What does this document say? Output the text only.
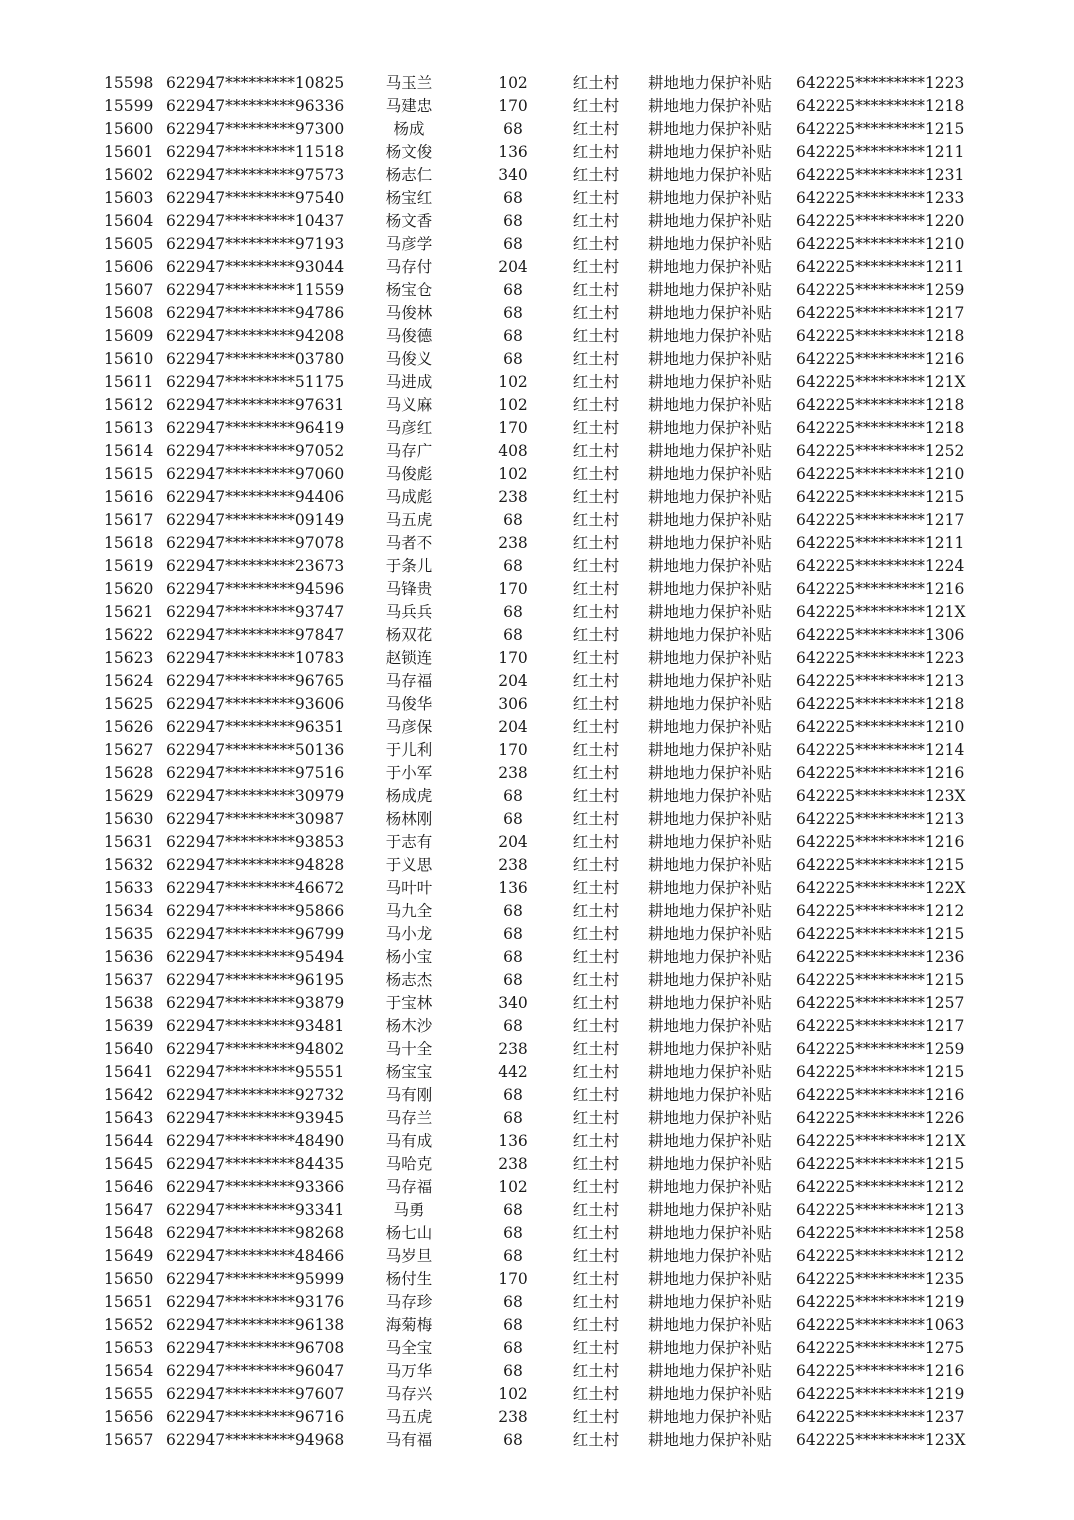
15598 622947*********10825	马玉兰	102	红土村	耕地地力保护补贴	642225*********1223
15599 622947*********96336	马建忠	170	红土村	耕地地力保护补贴	642225*********1218
15600 622947*********97300	杨成	68	红土村	耕地地力保护补贴	642225*********1215
15601 622947*********11518	杨文俊	136	红土村	耕地地力保护补贴	642225*********1211
15602 622947*********97573	杨志仁	340	红土村	耕地地力保护补贴	642225*********1231
15603 622947*********97540	杨宝红	68	红土村	耕地地力保护补贴	642225*********1233
15604 622947*********10437	杨文香	68	红土村	耕地地力保护补贴	642225*********1220
15605 622947*********97193	马彦学	68	红土村	耕地地力保护补贴	642225*********1210
15606 622947*********93044	马存付	204	红土村	耕地地力保护补贴	642225*********1211
15607 622947*********11559	杨宝仓	68	红土村	耕地地力保护补贴	642225*********1259
15608 622947*********94786	马俊林	68	红土村	耕地地力保护补贴	642225*********1217
15609 622947*********94208	马俊德	68	红土村	耕地地力保护补贴	642225*********1218
15610 622947*********03780	马俊义	68	红土村	耕地地力保护补贴	642225*********1216
15611 622947*********51175	马进成	102	红土村	耕地地力保护补贴	642225*********121X
15612 622947*********97631	马义麻	102	红土村	耕地地力保护补贴	642225*********1218
15613 622947*********96419	马彦红	170	红土村	耕地地力保护补贴	642225*********1218
15614 622947*********97052	马存广	408	红土村	耕地地力保护补贴	642225*********1252
15615 622947*********97060	马俊彪	102	红土村	耕地地力保护补贴	642225*********1210
15616 622947*********94406	马成彪	238	红土村	耕地地力保护补贴	642225*********1215
15617 622947*********09149	马五虎	68	红土村	耕地地力保护补贴	642225*********1217
15618 622947*********97078	马者不	238	红土村	耕地地力保护补贴	642225*********1211
15619 622947*********23673	于条儿	68	红土村	耕地地力保护补贴	642225*********1224
15620 622947*********94596	马锋贵	170	红土村	耕地地力保护补贴	642225*********1216
15621 622947*********93747	马兵兵	68	红土村	耕地地力保护补贴	642225*********121X
15622 622947*********97847	杨双花	68	红土村	耕地地力保护补贴	642225*********1306
15623 622947*********10783	赵锁连	170	红土村	耕地地力保护补贴	642225*********1223
15624 622947*********96765	马存福	204	红土村	耕地地力保护补贴	642225*********1213
15625 622947*********93606	马俊华	306	红土村	耕地地力保护补贴	642225*********1218
15626 622947*********96351	马彦保	204	红土村	耕地地力保护补贴	642225*********1210
15627 622947*********50136	于儿利	170	红土村	耕地地力保护补贴	642225*********1214
15628 622947*********97516	于小军	238	红土村	耕地地力保护补贴	642225*********1216
15629 622947*********30979	杨成虎	68	红土村	耕地地力保护补贴	642225*********123X
15630 622947*********30987	杨林刚	68	红土村	耕地地力保护补贴	642225*********1213
15631 622947*********93853	于志有	204	红土村	耕地地力保护补贴	642225*********1216
15632 622947*********94828	于义思	238	红土村	耕地地力保护补贴	642225*********1215
15633 622947*********46672	马叶叶	136	红土村	耕地地力保护补贴	642225*********122X
15634 622947*********95866	马九全	68	红土村	耕地地力保护补贴	642225*********1212
15635 622947*********96799	马小龙	68	红土村	耕地地力保护补贴	642225*********1215
15636 622947*********95494	杨小宝	68	红土村	耕地地力保护补贴	642225*********1236
15637 622947*********96195	杨志杰	68	红土村	耕地地力保护补贴	642225*********1215
15638 622947*********93879	于宝林	340	红土村	耕地地力保护补贴	642225*********1257
15639 622947*********93481	杨木沙	68	红土村	耕地地力保护补贴	642225*********1217
15640 622947*********94802	马十全	238	红土村	耕地地力保护补贴	642225*********1259
15641 622947*********95551	杨宝宝	442	红土村	耕地地力保护补贴	642225*********1215
15642 622947*********92732	马有刚	68	红土村	耕地地力保护补贴	642225*********1216
15643 622947*********93945	马存兰	68	红土村	耕地地力保护补贴	642225*********1226
15644 622947*********48490	马有成	136	红土村	耕地地力保护补贴	642225*********121X
15645 622947*********84435	马哈克	238	红土村	耕地地力保护补贴	642225*********1215
15646 622947*********93366	马存福	102	红土村	耕地地力保护补贴	642225*********1212
15647 622947*********93341	马勇	68	红土村	耕地地力保护补贴	642225*********1213
15648 622947*********98268	杨七山	68	红土村	耕地地力保护补贴	642225*********1258
15649 622947*********48466	马岁旦	68	红土村	耕地地力保护补贴	642225*********1212
15650 622947*********95999	杨付生	170	红土村	耕地地力保护补贴	642225*********1235
15651 622947*********93176	马存珍	68	红土村	耕地地力保护补贴	642225*********1219
15652 622947*********96138	海菊梅	68	红土村	耕地地力保护补贴	642225*********1063
15653 622947*********96708	马全宝	68	红土村	耕地地力保护补贴	642225*********1275
15654 622947*********96047	马万华	68	红土村	耕地地力保护补贴	642225*********1216
15655 622947*********97607	马存兴	102	红土村	耕地地力保护补贴	642225*********1219
15656 622947*********96716	马五虎	238	红土村	耕地地力保护补贴	642225*********1237
15657 622947*********94968	马有福	68	红土村	耕地地力保护补贴	642225*********123X
